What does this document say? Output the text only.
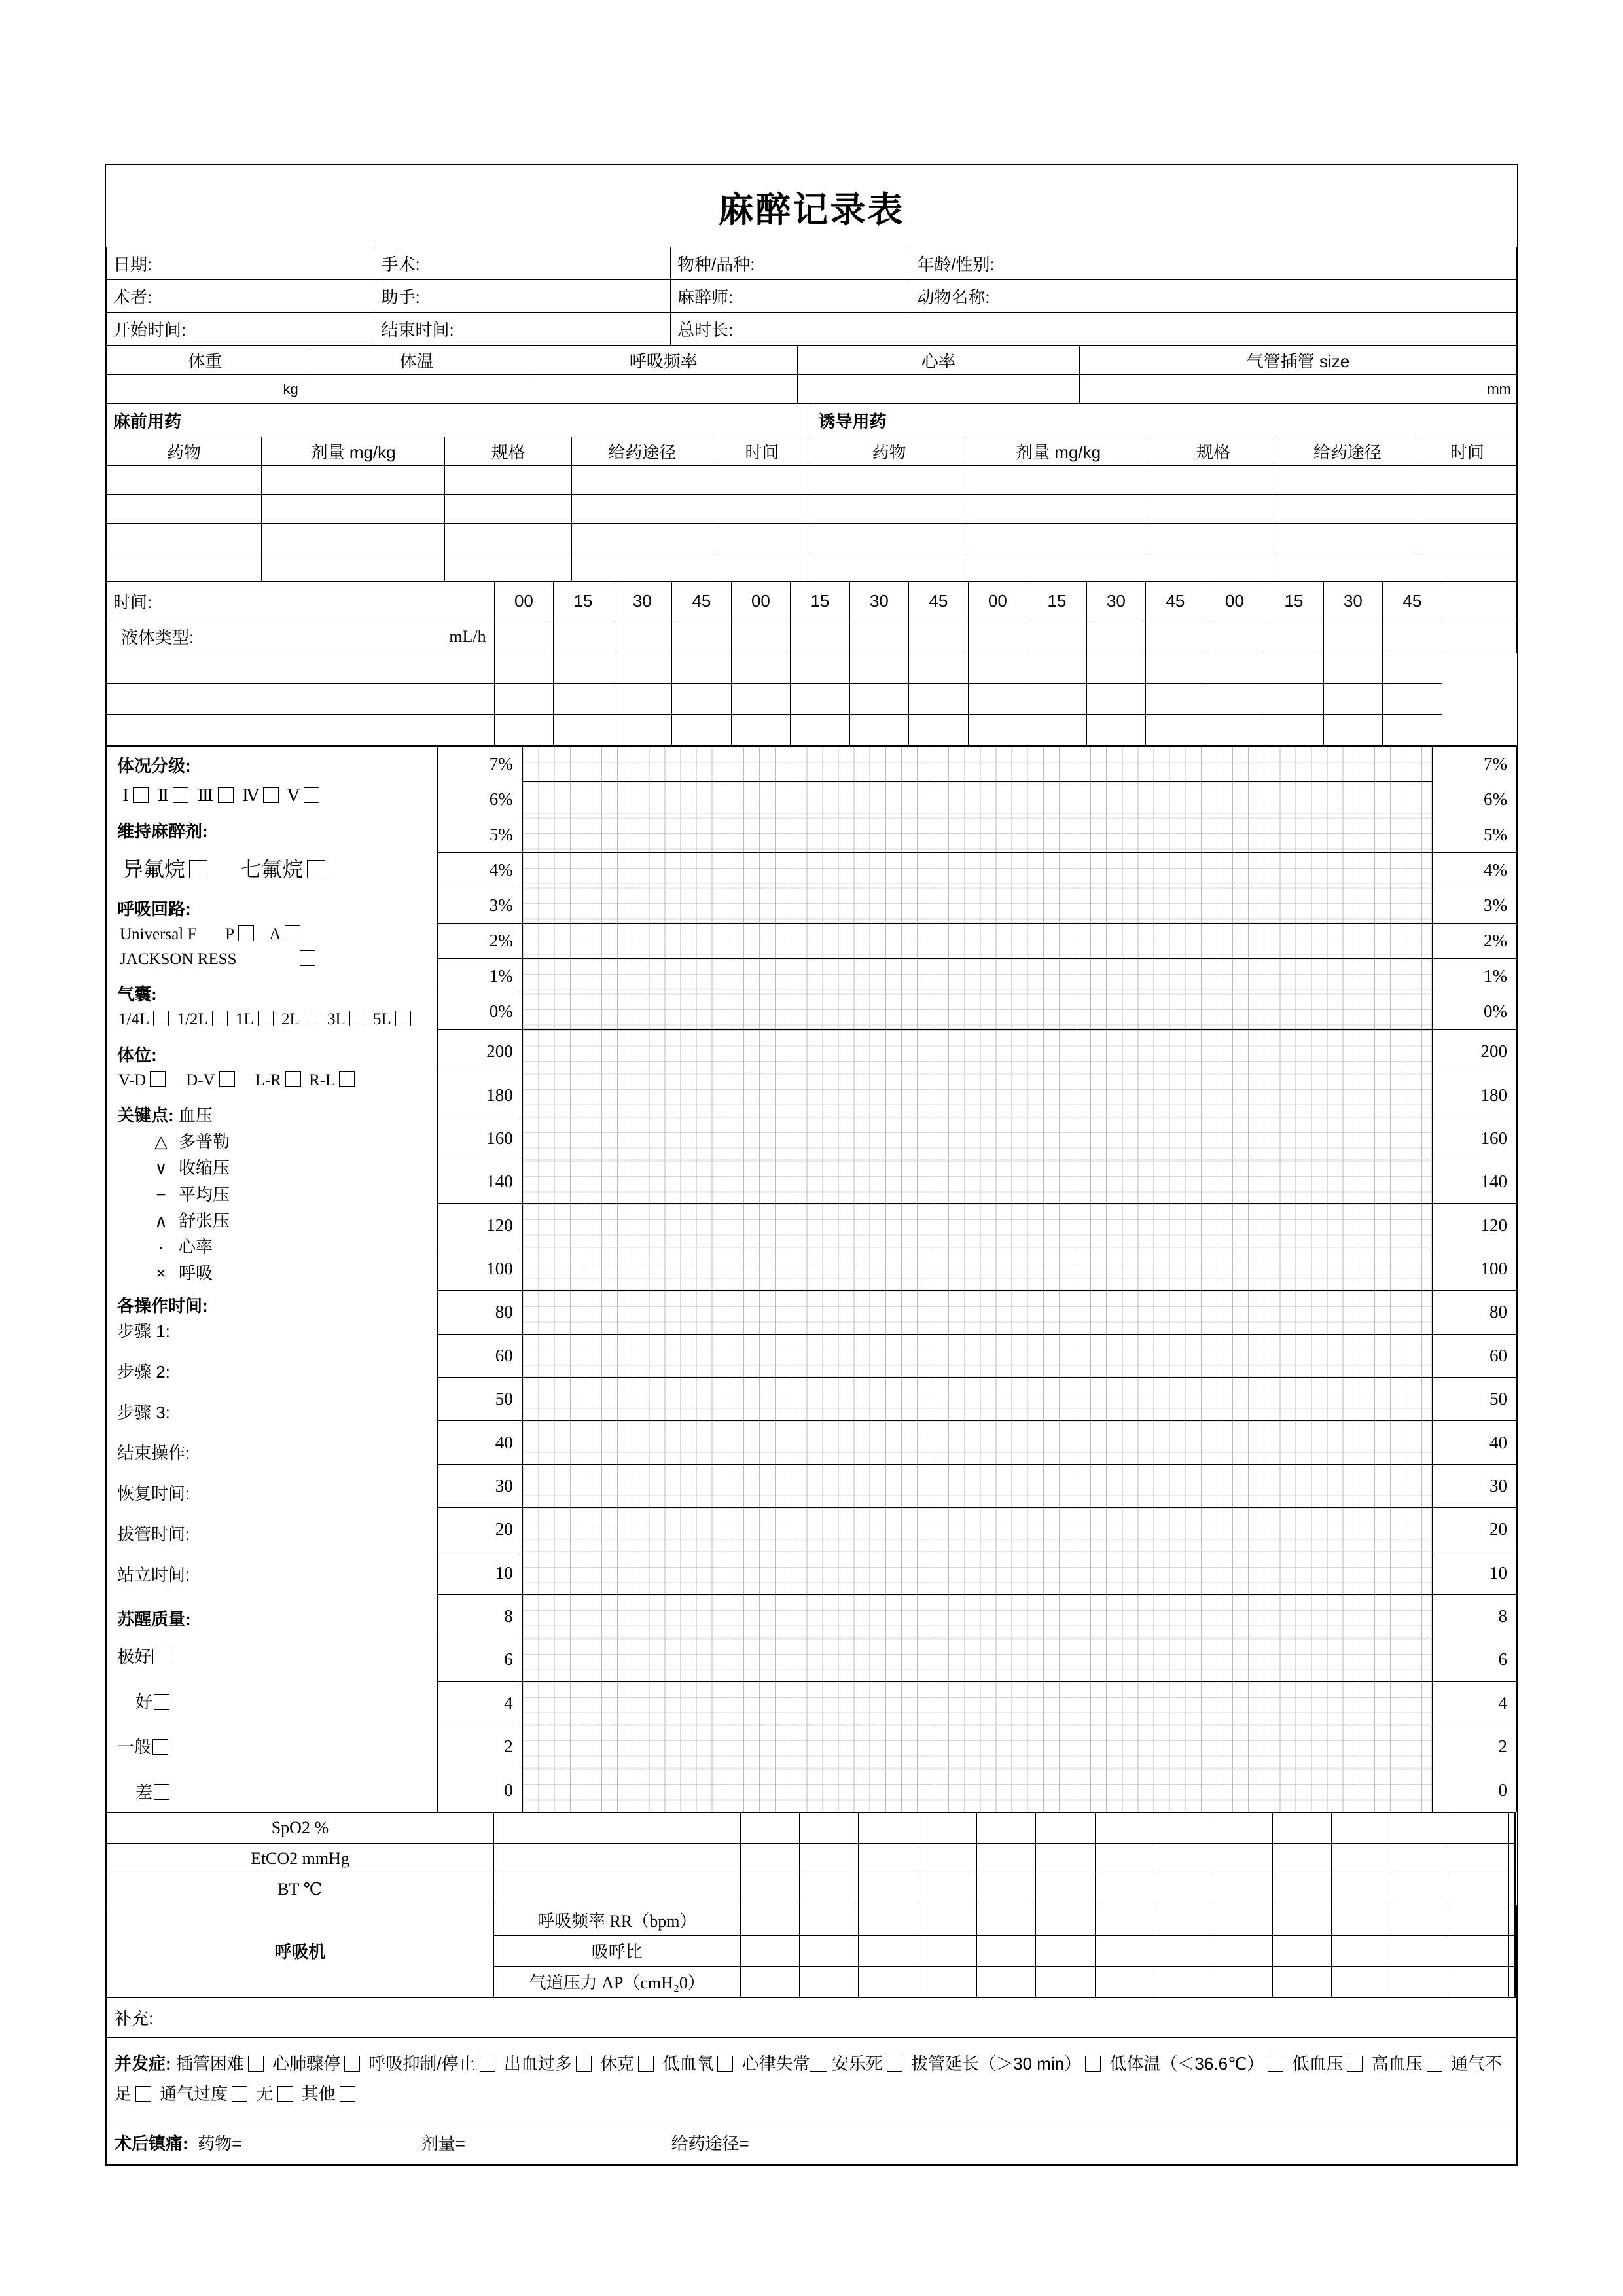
麻醉记录表
日期:	手术:	物种/品种:	年龄/性别:
术者:	助手:	麻醉师:	动物名称:
开始时间:	结束时间:	总时长:	
体重	体温	呼吸频率	心率	气管插管 size

kg				mm
麻前用药					诱导用药				
药物	剂量 mg/kg	规格	给药途径	时间	药物	剂量 mg/kg	规格	给药途径	时间

时间:	00	15	30	45	00	15	30	45	00	15	30	45	00	15	30	45	

液体类型: mL/h																	

体况分级:
Ⅰ Ⅱ Ⅲ Ⅳ Ⅴ
维持麻醉剂:
异氟烷	七氟烷
呼吸回路:
Universal F P A
JACKSON RESS
气囊:
1/4L 1/2L 1L 2L 3L 5L
体位:
V-D D-V L-R R-L
关键点: 血压
△ 多普勒
∨ 收缩压
− 平均压
∧ 舒张压
· 心率
× 呼吸
各操作时间:
步骤 1:
步骤 2:
步骤 3:
结束操作:
恢复时间:
拔管时间:
站立时间:
苏醒质量:
极好
好
一般
差
	7%		7%
	6%		6%
	5%		5%
	4%		4%
	3%		3%
	2%		2%
	1%		1%
	0%		0%
	200		200
	180		180
	160		160
	140		140
	120		120
	100		100
	80		80
	60		60
	50		50
	40		40
	30		30
	20		20
	10		10
	8		8
	6		6
	4		4
	2		2
	0		0
SpO2 %																	
EtCO2 mmHg																	
BT ℃																	
呼吸机	呼吸频率 RR（bpm）																	
	吸呼比																	
	气道压力 AP（cmH₂0）																	
补充:
并发症: 插管困难 心肺骤停 呼吸抑制/停止 出血过多 休克 低血氧 心律失常＿ 安乐死 拔管延长（＞30 min） 低体温（＜36.6℃） 低血压 高血压 通气不足 通气过度 无 其他
术后镇痛: 药物=	剂量=	给药途径=
